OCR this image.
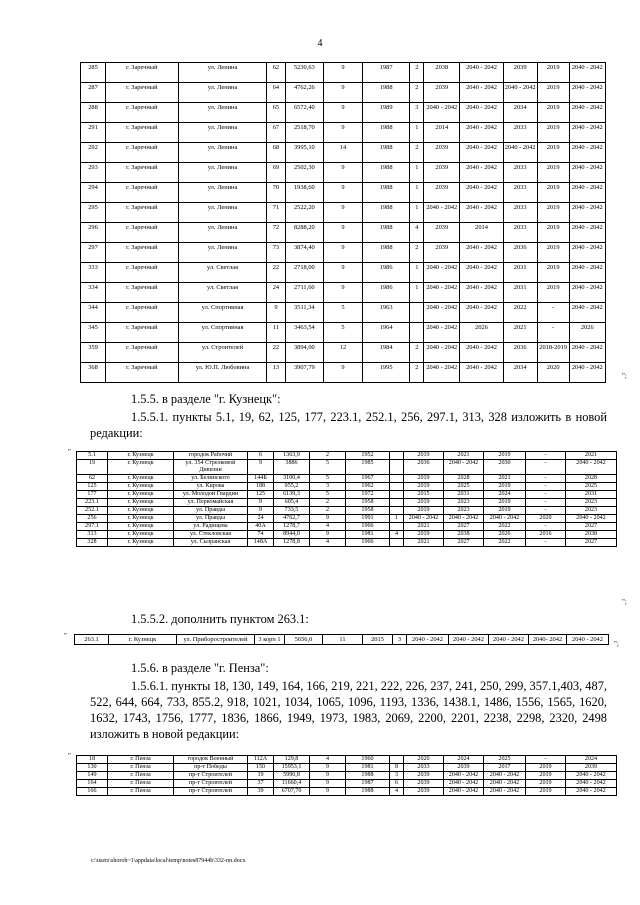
4
285	г. Заречный	ул. Ленина	62	5230,63	9	1987	2	2038	2040 - 2042	2039	2019	2040 - 2042
287	г. Заречный	ул. Ленина	64	4762,26	9	1988	2	2039	2040 - 2042	2040 - 2042	2019	2040 - 2042
288	г. Заречный	ул. Ленина	65	6572,40	9	1989	3	2040 - 2042	2040 - 2042	2034	2019	2040 - 2042
291	г. Заречный	ул. Ленина	67	2518,70	9	1988	1	2014	2040 - 2042	2033	2019	2040 - 2042
292	г. Заречный	ул. Ленина	68	3995,10	14	1988	2	2039	2040 - 2042	2040 - 2042	2019	2040 - 2042
293	г. Заречный	ул. Ленина	69	2502,30	9	1988	1	2039	2040 - 2042	2033	2019	2040 - 2042
294	г. Заречный	ул. Ленина	70	1938,60	9	1988	1	2039	2040 - 2042	2033	2019	2040 - 2042
295	г. Заречный	ул. Ленина	71	2522,20	9	1988	1	2040 - 2042	2040 - 2042	2033	2019	2040 - 2042
296	г. Заречный	ул. Ленина	72	8288,20	9	1988	4	2039	2014	2033	2019	2040 - 2042
297	г. Заречный	ул. Ленина	73	3874,40	9	1988	2	2039	2040 - 2042	2036	2019	2040 - 2042
333	г. Заречный	ул. Светлая	22	2718,00	9	1986	1	2040 - 2042	2040 - 2042	2031	2019	2040 - 2042
334	г. Заречный	ул. Светлая	24	2711,60	9	1986	1	2040 - 2042	2040 - 2042	2031	2019	2040 - 2042
344	г. Заречный	ул. Спортивная	9	3511,34	5	1963		2040 - 2042	2040 - 2042	2022	-	2040 - 2042
345	г. Заречный	ул. Спортивная	11	3463,54	5	1964		2040 - 2042	2026	2021	-	2026
359	г. Заречный	ул. Строителей	22	3894,00	12	1984	2	2040 - 2042	2040 - 2042	2036	2018-2019	2040 - 2042
368	г. Заречный	ул. Ю.П. Любовина	13	3907,79	9	1995	2	2040 - 2042	2040 - 2042	2034	2020	2040 - 2042
";
1.5.5. в разделе "г. Кузнецк":
1.5.5.1. пункты 5.1, 19, 62, 125, 177, 223.1, 252.1, 256, 297.1, 313, 328 изложить в новой редакции:
"	5.1	г. Кузнецк	городок Рабочий	6	1363,9	2	1952		2019	2021	2019	-	2021
19	г. Кузнецк	ул. 354 Стрелковой Дивизии	9	3886	5	1985		2036	2040 - 2042	2030	-	2040 - 2042
62	г. Кузнецк	ул. Белинского	144Б	3100,4	5	1967		2019	2028	2021	-	2028
125	г. Кузнецк	ул. Кирова	188	955,2	3	1962		2019	2025	2019	-	2025
177	г. Кузнецк	ул. Молодой Гвардии	125	6139,3	5	1972		2015	2031	2024	-	2031
223.1	г. Кузнецк	ул. Первомайская	9	605,4	2	1958		2019	2023	2019	-	2023
252.1	г. Кузнецк	ул. Правды	9	733,5	2	1958		2019	2023	2019	-	2023
256	г. Кузнецк	ул. Правды	24	4762,7	9	1991	1	2040 - 2042	2040 - 2042	2040 - 2042	2020	2040 - 2042
297.1	г. Кузнецк	ул. Радищева	40А	1278,7	4	1966		2021	2027	2022	-	2027
313	г. Кузнецк	ул. Стекловская	74	8944,0	9	1981	4	2019	2038	2026	2016	2038
328	г. Кузнецк	ул. Сызранская	148А	1278,8	4	1966		2021	2027	2022	-	2027
";
1.5.5.2. дополнить пунктом 263.1:
"	263.1	г. Кузнецк	ул. Приборостроителей	3 корп 1	5656,0	11	2015	3	2040 - 2042	2040 - 2042	2040 - 2042	2040- 2042	2040 - 2042
";
1.5.6. в разделе "г. Пенза":
1.5.6.1. пункты 18, 130, 149, 164, 166, 219, 221, 222, 226, 237, 241, 250, 299, 357.1,403, 487, 522, 644, 664, 733, 855.2, 918, 1021, 1034, 1065, 1096, 1193, 1336, 1438.1, 1486, 1556, 1565, 1620, 1632, 1743, 1756, 1777, 1836, 1866, 1949, 1973, 1983, 2069, 2200, 2201, 2238, 2298, 2320, 2498 изложить в новой редакции:
"	18	г. Пенза	городок Военный	112А	129,8	4	1960		2020	2024	2025	-	2024
130	г. Пенза	пр-т Победы	150	15953,1	9	1981	8	2033	2039	2017	2019	2039
149	г. Пенза	пр-т Строителей	19	5990,8	9	1988	3	2039	2040 - 2042	2040 - 2042	2019	2040 - 2042
164	г. Пенза	пр-т Строителей	37	11660,4	9	1987	6	2039	2040 - 2042	2040 - 2042	2019	2040 - 2042
166	г. Пенза	пр-т Строителей	39	6707,70	9	1988	4	2039	2040 - 2042	2040 - 2042	2019	2040 - 2042
c:\users\shoroh~1\appdata\local\temp\notes87944b\332-пп.docx
